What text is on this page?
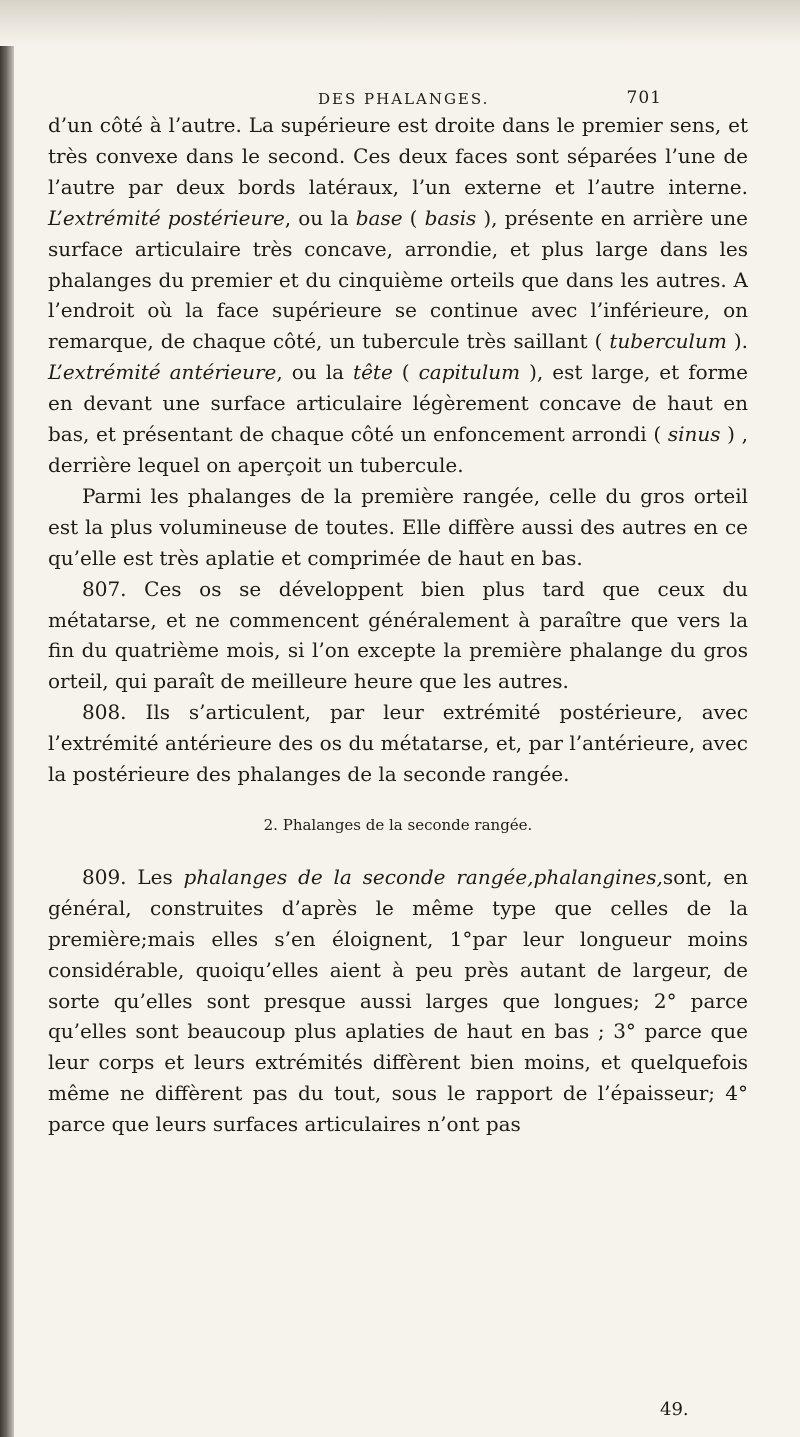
DES PHALANGES.	701

d’un côté à l’autre. La supérieure est droite dans le premier sens, et très convexe dans le second. Ces deux faces sont séparées l’une de l’autre par deux bords latéraux, l’un externe et l’autre interne. L’extrémité postérieure, ou la base ( basis ), présente en arrière une surface articulaire très concave, arrondie, et plus large dans les phalanges du premier et du cinquième orteils que dans les autres. A l’endroit où la face supérieure se continue avec l’inférieure, on remarque, de chaque côté, un tubercule très saillant ( tuberculum ). L’extrémité antérieure, ou la tête ( capitulum ), est large, et forme en devant une surface articulaire légèrement concave de haut en bas, et présentant de chaque côté un enfoncement arrondi ( sinus ) , derrière lequel on aperçoit un tubercule.

Parmi les phalanges de la première rangée, celle du gros orteil est la plus volumineuse de toutes. Elle diffère aussi des autres en ce qu’elle est très aplatie et comprimée de haut en bas.

807. Ces os se développent bien plus tard que ceux du métatarse, et ne commencent généralement à paraître que vers la fin du quatrième mois, si l’on excepte la première phalange du gros orteil, qui paraît de meilleure heure que les autres.

808. Ils s’articulent, par leur extrémité postérieure, avec l’extrémité antérieure des os du métatarse, et, par l’antérieure, avec la postérieure des phalanges de la seconde rangée.

2. Phalanges de la seconde rangée.

809. Les phalanges de la seconde rangée,phalangines,sont, en général, construites d’après le même type que celles de la première;mais elles s’en éloignent, 1°par leur longueur moins considérable, quoiqu’elles aient à peu près autant de largeur, de sorte qu’elles sont presque aussi larges que longues; 2° parce qu’elles sont beaucoup plus aplaties de haut en bas ; 3° parce que leur corps et leurs extrémités diffèrent bien moins, et quelquefois même ne diffèrent pas du tout, sous le rapport de l’épaisseur; 4° parce que leurs surfaces articulaires n’ont pas

49.
